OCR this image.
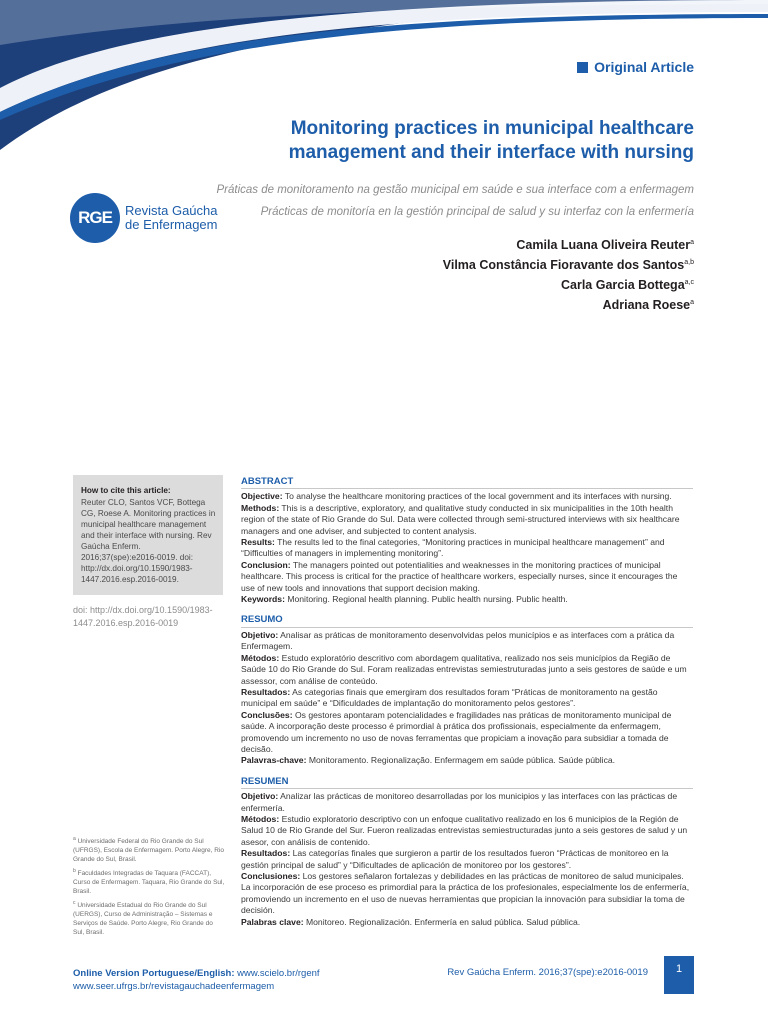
Original Article
Monitoring practices in municipal healthcare
management and their interface with nursing
Práticas de monitoramento na gestão municipal em saúde e sua interface com a enfermagem
Prácticas de monitoría en la gestión principal de salud y su interfaz con la enfermería
RGE	Revista Gaúcha
de Enfermagem
Camila Luana Oliveira Reuter$^a$
Vilma Constância Fioravante dos Santos$^{a,b}$
Carla Garcia Bottega$^{a,c}$
Adriana Roese$^a$
How to cite this article:
Reuter CLO, Santos VCF, Bottega CG, Roese A. Monitoring practices in municipal healthcare management and their interface with nursing. Rev Gaúcha Enferm. 2016;37(spe):e2016-0019. doi: http://dx.doi.org/10.1590/1983-1447.2016.esp.2016-0019.
doi: http://dx.doi.org/10.1590/1983-1447.2016.esp.2016-0019
$^a$ Universidade Federal do Rio Grande do Sul (UFRGS), Escola de Enfermagem. Porto Alegre, Rio Grande do Sul, Brasil.
$^b$ Faculdades Integradas de Taquara (FACCAT), Curso de Enfermagem. Taquara, Rio Grande do Sul, Brasil.
$^c$ Universidade Estadual do Rio Grande do Sul (UERGS), Curso de Administração – Sistemas e Serviços de Saúde. Porto Alegre, Rio Grande do Sul, Brasil.
ABSTRACT

Objective: To analyse the healthcare monitoring practices of the local government and its interfaces with nursing.

Methods: This is a descriptive, exploratory, and qualitative study conducted in six municipalities in the 10th health region of the state of Rio Grande do Sul. Data were collected through semi-structured interviews with six healthcare managers and one adviser, and subjected to content analysis.

Results: The results led to the final categories, “Monitoring practices in municipal healthcare management” and “Difficulties of managers in implementing monitoring”.

Conclusion: The managers pointed out potentialities and weaknesses in the monitoring practices of municipal healthcare. This process is critical for the practice of healthcare workers, especially nurses, since it encourages the use of new tools and innovations that support decision making.

Keywords: Monitoring. Regional health planning. Public health nursing. Public health.

RESUMO

Objetivo: Analisar as práticas de monitoramento desenvolvidas pelos municípios e as interfaces com a prática da Enfermagem.

Métodos: Estudo exploratório descritivo com abordagem qualitativa, realizado nos seis municípios da Região de Saúde 10 do Rio Grande do Sul. Foram realizadas entrevistas semiestruturadas junto a seis gestores de saúde e um assessor, com análise de conteúdo.

Resultados: As categorias finais que emergiram dos resultados foram “Práticas de monitoramento na gestão municipal em saúde” e “Dificuldades de implantação do monitoramento pelos gestores”.

Conclusões: Os gestores apontaram potencialidades e fragilidades nas práticas de monitoramento municipal de saúde. A incorporação deste processo é primordial à prática dos profissionais, especialmente da enfermagem, promovendo um incremento no uso de novas ferramentas que propiciam a inovação para subsidiar a tomada de decisão.

Palavras-chave: Monitoramento. Regionalização. Enfermagem em saúde pública. Saúde pública.

RESUMEN

Objetivo: Analizar las prácticas de monitoreo desarrolladas por los municipios y las interfaces con las prácticas de enfermería.

Métodos: Estudio exploratorio descriptivo con un enfoque cualitativo realizado en los 6 municipios de la Región de Salud 10 de Rio Grande del Sur. Fueron realizadas entrevistas semiestructuradas junto a seis gestores de salud y un asesor, con análisis de contenido.

Resultados: Las categorías finales que surgieron a partir de los resultados fueron “Prácticas de monitoreo en la gestión principal de salud” y “Dificultades de aplicación de monitoreo por los gestores”.

Conclusiones: Los gestores señalaron fortalezas y debilidades en las prácticas de monitoreo de salud municipales. La incorporación de ese proceso es primordial para la práctica de los profesionales, especialmente los de enfermería, promoviendo un incremento en el uso de nuevas herramientas que propician la innovación para subsidiar la toma de decisión.

Palabras clave: Monitoreo. Regionalización. Enfermería en salud pública. Salud pública.

Online Version Portuguese/English: www.scielo.br/rgenf
www.seer.ufrgs.br/revistagauchadeenfermagem
Rev Gaúcha Enferm. 2016;37(spe):e2016-0019	1
